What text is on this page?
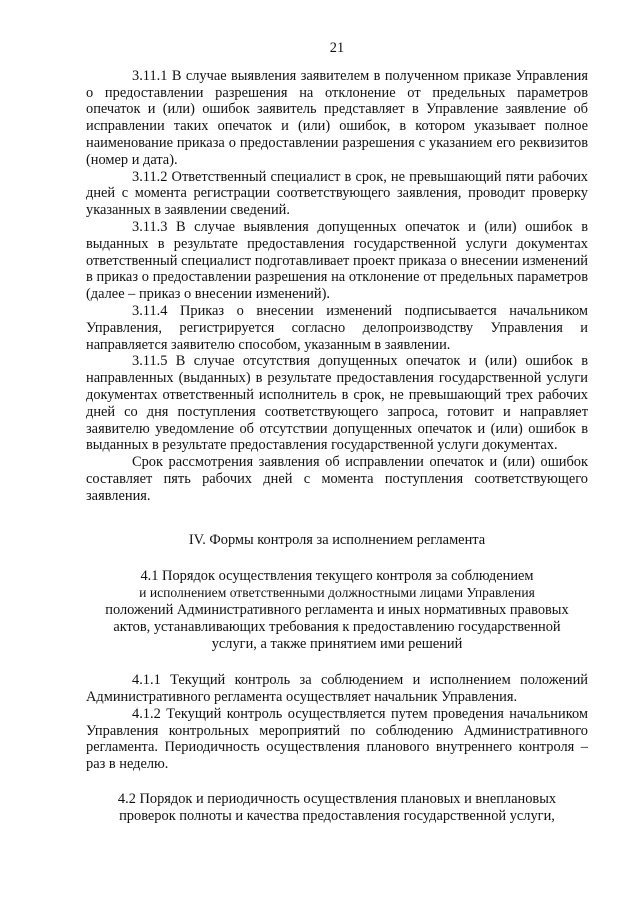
21

3.11.1 В случае выявления заявителем в полученном приказе Управления о предоставлении разрешения на отклонение от предельных параметров опечаток и (или) ошибок заявитель представляет в Управление заявление об исправлении таких опечаток и (или) ошибок, в котором указывает полное наименование приказа о предоставлении разрешения с указанием его реквизитов (номер и дата).

3.11.2 Ответственный специалист в срок, не превышающий пяти рабочих дней с момента регистрации соответствующего заявления, проводит проверку указанных в заявлении сведений.

3.11.3 В случае выявления допущенных опечаток и (или) ошибок в выданных в результате предоставления государственной услуги документах ответственный специалист подготавливает проект приказа о внесении изменений в приказ о предоставлении разрешения на отклонение от предельных параметров (далее – приказ о внесении изменений).

3.11.4 Приказ о внесении изменений подписывается начальником Управления, регистрируется согласно делопроизводству Управления и направляется заявителю способом, указанным в заявлении.

3.11.5 В случае отсутствия допущенных опечаток и (или) ошибок в направленных (выданных) в результате предоставления государственной услуги документах ответственный исполнитель в срок, не превышающий трех рабочих дней со дня поступления соответствующего запроса, готовит и направляет заявителю уведомление об отсутствии допущенных опечаток и (или) ошибок в выданных в результате предоставления государственной услуги документах.

Срок рассмотрения заявления об исправлении опечаток и (или) ошибок составляет пять рабочих дней с момента поступления соответствующего заявления.

IV. Формы контроля за исполнением регламента
4.1 Порядок осуществления текущего контроля за соблюдением
и исполнением ответственными должностными лицами Управления
положений Административного регламента и иных нормативных правовых
актов, устанавливающих требования к предоставлению государственной
услуги, а также принятием ими решений

4.1.1 Текущий контроль за соблюдением и исполнением положений Административного регламента осуществляет начальник Управления.

4.1.2 Текущий контроль осуществляется путем проведения начальником Управления контрольных мероприятий по соблюдению Административного регламента. Периодичность осуществления планового внутреннего контроля – раз в неделю.

4.2 Порядок и периодичность осуществления плановых и внеплановых
проверок полноты и качества предоставления государственной услуги,
